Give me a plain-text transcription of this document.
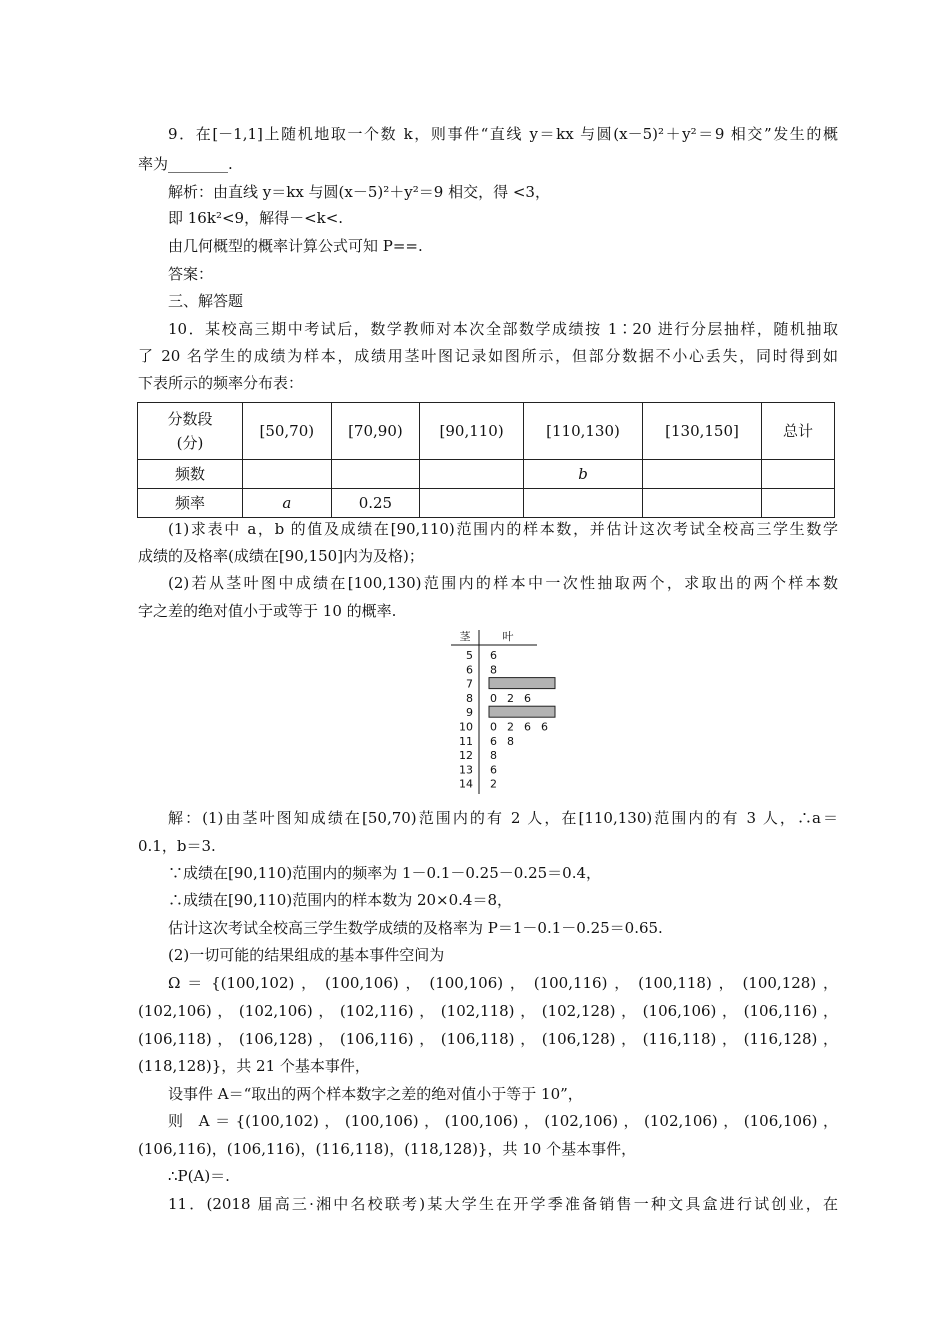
9．在[－1,1]上随机地取一个数 k，则事件“直线 y＝kx 与圆(x－5)²＋y²＝9 相交”发生的概
率为________.
解析：由直线 y＝kx 与圆(x－5)²＋y²＝9 相交，得 <3，
即 16k²<9，解得－<k<.
由几何概型的概率计算公式可知 P==.
答案：
三、解答题
10．某校高三期中考试后，数学教师对本次全部数学成绩按 1∶20 进行分层抽样，随机抽取
了 20 名学生的成绩为样本，成绩用茎叶图记录如图所示，但部分数据不小心丢失，同时得到如
下表所示的频率分布表：
分数段(分)	[50,70)	[70,90)	[90,110)	[110,130)	[130,150]	总计
频数				b		
频率	a	0.25				
(1)求表中 a，b 的值及成绩在[90,110)范围内的样本数，并估计这次考试全校高三学生数学
成绩的及格率(成绩在[90,150]内为及格)；
(2)若从茎叶图中成绩在[100,130)范围内的样本中一次性抽取两个，求取出的两个样本数
字之差的绝对值小于或等于 10 的概率.
茎	叶
5 6
6 8
7
8 0 2 6
9
10 0 2 6 6
11 6 8
12 8
13 6
14 2
解：(1)由茎叶图知成绩在[50,70)范围内的有 2 人，在[110,130)范围内的有 3 人，∴a＝
0.1，b＝3.
∵成绩在[90,110)范围内的频率为 1－0.1－0.25－0.25＝0.4，
∴成绩在[90,110)范围内的样本数为 20×0.4＝8，
估计这次考试全校高三学生数学成绩的及格率为 P＝1－0.1－0.25＝0.65.
(2)一切可能的结果组成的基本事件空间为
Ω ＝ {(100,102) ， (100,106) ， (100,106) ， (100,116) ， (100,118) ， (100,128) ，
(102,106) ， (102,106) ， (102,116) ， (102,118) ， (102,128) ， (106,106) ， (106,116) ，
(106,118) ， (106,128) ， (106,116) ， (106,118) ， (106,128) ， (116,118) ， (116,128) ，
(118,128)}，共 21 个基本事件，
设事件 A＝“取出的两个样本数字之差的绝对值小于等于 10”，
则 A＝{(100,102)，(100,106)，(100,106)，(102,106)，(102,106)，(106,106)，
(106,116)，(106,116)，(116,118)，(118,128)}，共 10 个基本事件，
∴P(A)＝.
11．(2018 届高三·湘中名校联考)某大学生在开学季准备销售一种文具盒进行试创业，在
